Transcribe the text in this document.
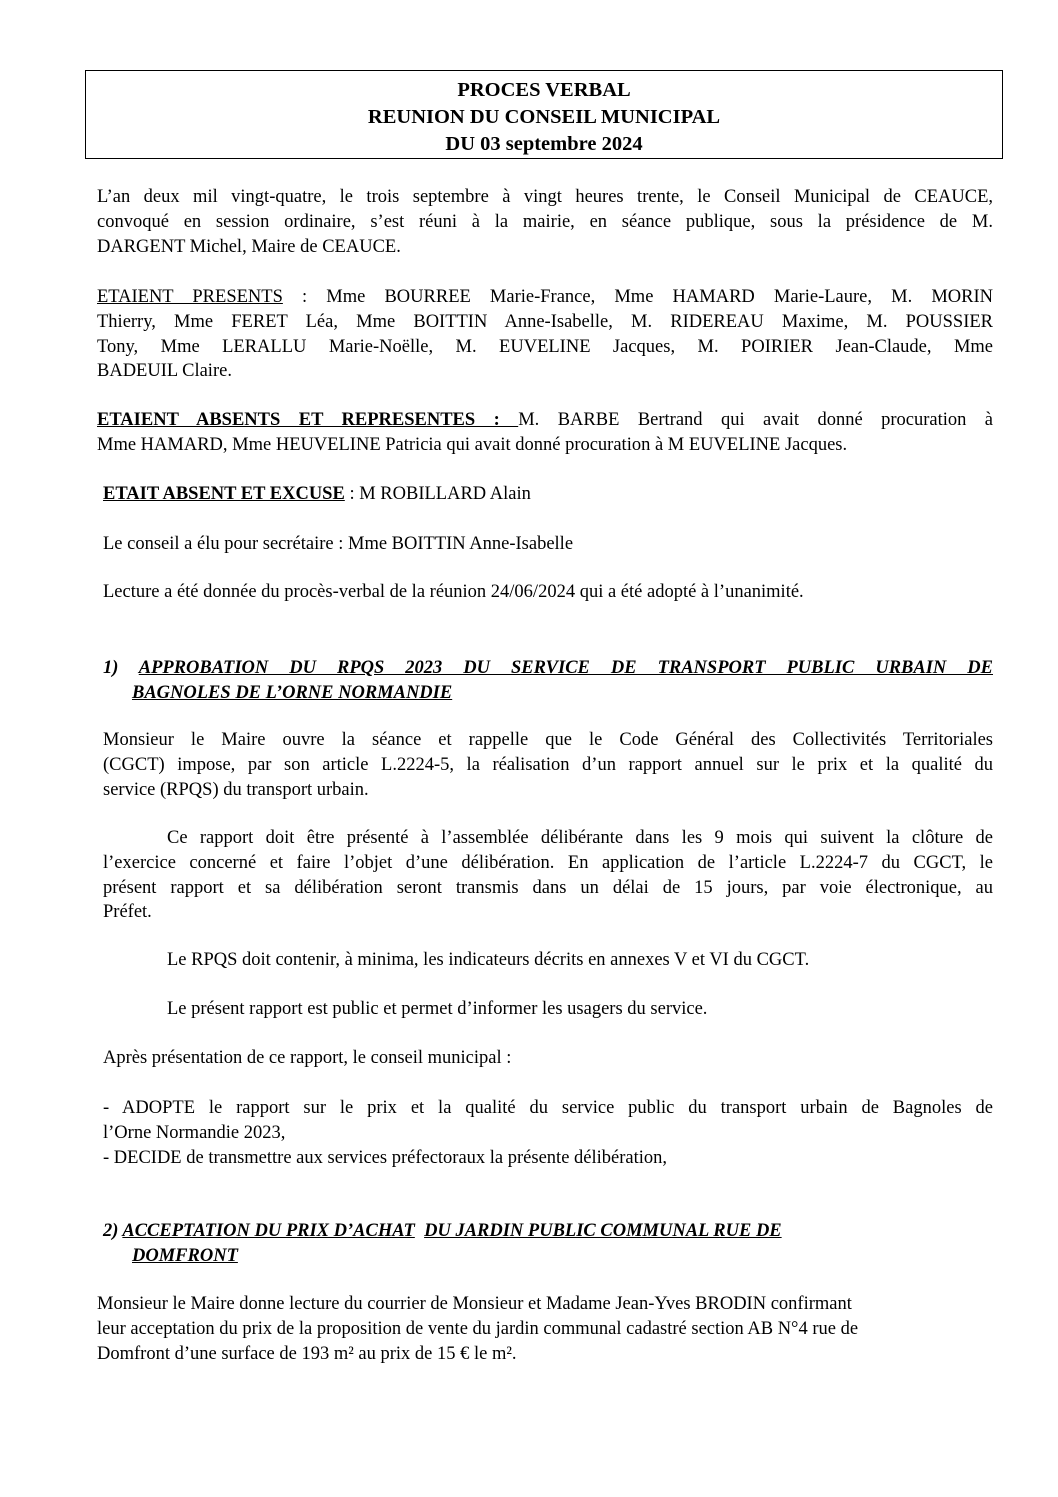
PROCES VERBAL
REUNION DU CONSEIL MUNICIPAL
DU 03 septembre 2024
L’an deux mil vingt-quatre, le trois septembre à vingt heures trente, le Conseil Municipal de CEAUCE,
convoqué en session ordinaire, s’est réuni à la mairie, en séance publique, sous la présidence de M.
DARGENT Michel, Maire de CEAUCE.
ETAIENT PRESENTS : Mme BOURREE Marie-France, Mme HAMARD Marie-Laure, M. MORIN
Thierry, Mme FERET Léa, Mme BOITTIN Anne-Isabelle, M. RIDEREAU Maxime, M. POUSSIER
Tony, Mme LERALLU Marie-Noëlle, M. EUVELINE Jacques, M. POIRIER Jean-Claude, Mme
BADEUIL Claire.
ETAIENT ABSENTS ET REPRESENTES : M. BARBE Bertrand qui avait donné procuration à
Mme HAMARD, Mme HEUVELINE Patricia qui avait donné procuration à M EUVELINE Jacques.
ETAIT ABSENT ET EXCUSE : M ROBILLARD Alain
Le conseil a élu pour secrétaire : Mme BOITTIN Anne-Isabelle
Lecture a été donnée du procès-verbal de la réunion 24/06/2024 qui a été adopté à l’unanimité.
1) APPROBATION DU RPQS 2023 DU SERVICE DE TRANSPORT PUBLIC URBAIN DE
BAGNOLES DE L’ORNE NORMANDIE
Monsieur le Maire ouvre la séance et rappelle que le Code Général des Collectivités Territoriales
(CGCT) impose, par son article L.2224-5, la réalisation d’un rapport annuel sur le prix et la qualité du
service (RPQS) du transport urbain.
Ce rapport doit être présenté à l’assemblée délibérante dans les 9 mois qui suivent la clôture de
l’exercice concerné et faire l’objet d’une délibération. En application de l’article L.2224-7 du CGCT, le
présent rapport et sa délibération seront transmis dans un délai de 15 jours, par voie électronique, au
Préfet.
Le RPQS doit contenir, à minima, les indicateurs décrits en annexes V et VI du CGCT.
Le présent rapport est public et permet d’informer les usagers du service.
Après présentation de ce rapport, le conseil municipal :
- ADOPTE le rapport sur le prix et la qualité du service public du transport urbain de Bagnoles de
l’Orne Normandie 2023,
- DECIDE de transmettre aux services préfectoraux la présente délibération,
2) ACCEPTATION DU PRIX D’ACHAT DU JARDIN PUBLIC COMMUNAL RUE DE
DOMFRONT
Monsieur le Maire donne lecture du courrier de Monsieur et Madame Jean-Yves BRODIN confirmant
leur acceptation du prix de la proposition de vente du jardin communal cadastré section AB N°4 rue de
Domfront d’une surface de 193 m² au prix de 15 € le m².
